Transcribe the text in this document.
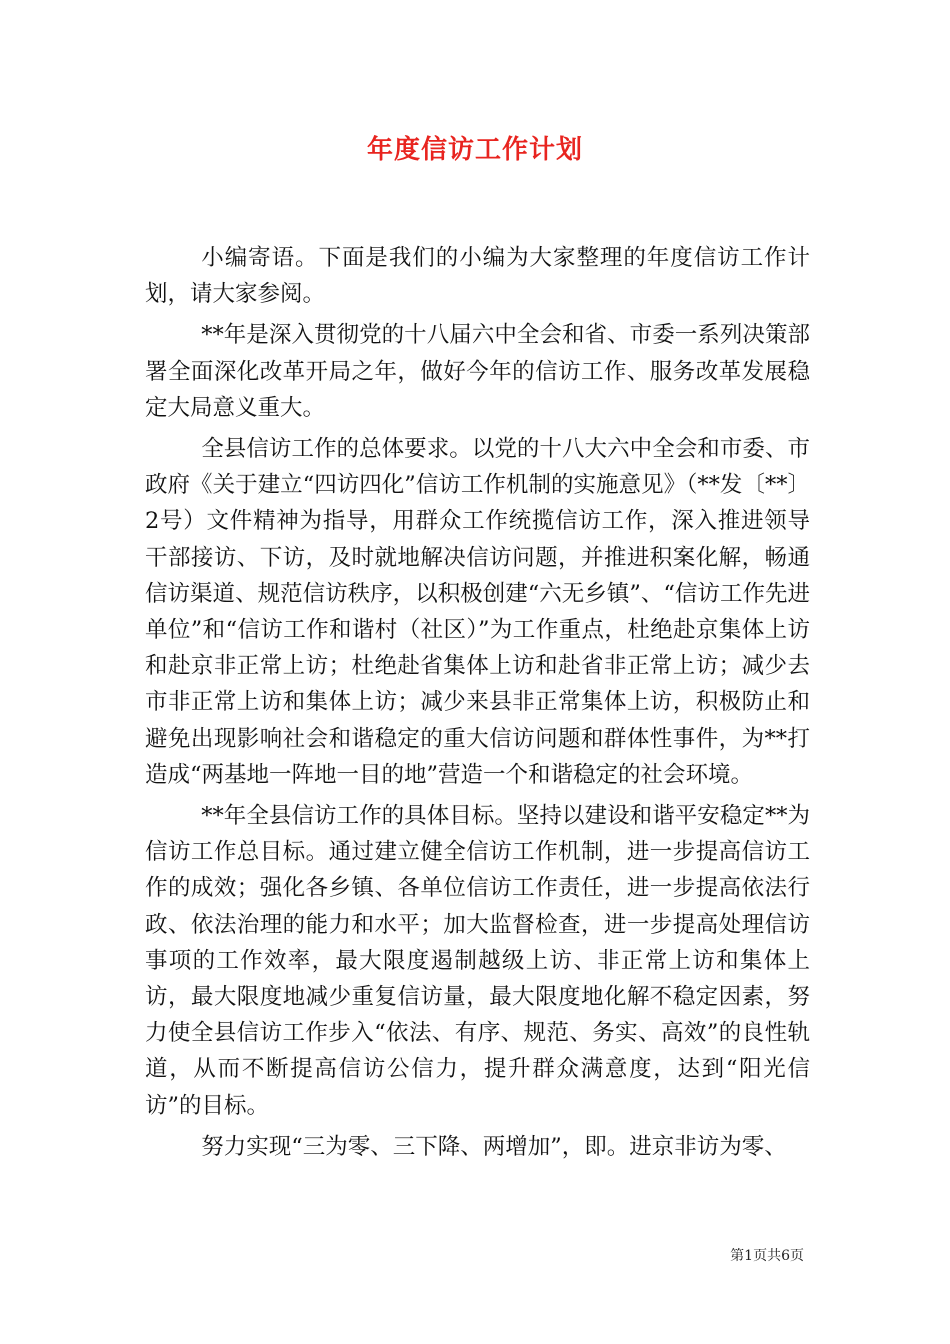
年度信访工作计划

小编寄语。下面是我们的小编为大家整理的年度信访工作计划，请大家参阅。

**年是深入贯彻党的十八届六中全会和省、市委一系列决策部署全面深化改革开局之年，做好今年的信访工作、服务改革发展稳定大局意义重大。

全县信访工作的总体要求。以党的十八大六中全会和市委、市政府《关于建立“四访四化”信访工作机制的实施意见》（**发〔**〕2号）文件精神为指导，用群众工作统揽信访工作，深入推进领导干部接访、下访，及时就地解决信访问题，并推进积案化解，畅通信访渠道、规范信访秩序，以积极创建“六无乡镇”、“信访工作先进单位”和“信访工作和谐村（社区）”为工作重点，杜绝赴京集体上访和赴京非正常上访；杜绝赴省集体上访和赴省非正常上访；减少去市非正常上访和集体上访；减少来县非正常集体上访，积极防止和避免出现影响社会和谐稳定的重大信访问题和群体性事件，为**打造成“两基地一阵地一目的地”营造一个和谐稳定的社会环境。

**年全县信访工作的具体目标。坚持以建设和谐平安稳定**为信访工作总目标。通过建立健全信访工作机制，进一步提高信访工作的成效；强化各乡镇、各单位信访工作责任，进一步提高依法行政、依法治理的能力和水平；加大监督检查，进一步提高处理信访事项的工作效率，最大限度遏制越级上访、非正常上访和集体上访，最大限度地减少重复信访量，最大限度地化解不稳定因素，努力使全县信访工作步入“依法、有序、规范、务实、高效”的良性轨道，从而不断提高信访公信力，提升群众满意度，达到“阳光信访”的目标。

努力实现“三为零、三下降、两增加”，即。进京非访为零、

第1页共6页
